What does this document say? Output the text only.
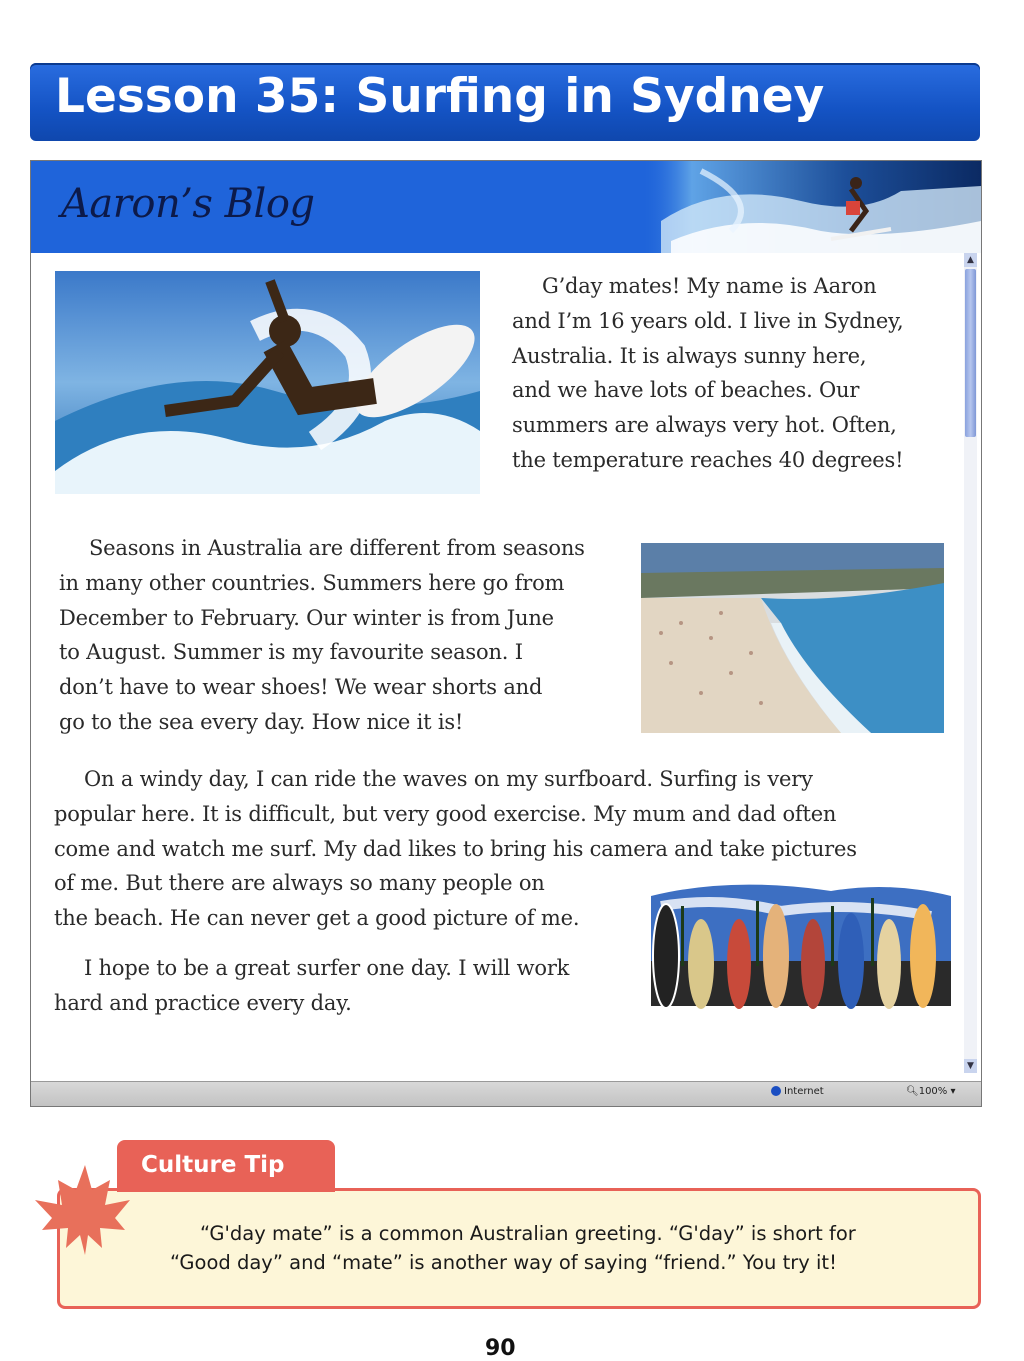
Lesson 35: Surfing in Sydney
Aaron’s Blog
▲
▼
G’day mates! My name is Aaron
and I’m 16 years old. I live in Sydney,
Australia. It is always sunny here,
and we have lots of beaches. Our
summers are always very hot. Often,
the temperature reaches 40 degrees!
Seasons in Australia are different from seasons
in many other countries. Summers here go from
December to February. Our winter is from June
to August. Summer is my favourite season. I
don’t have to wear shoes! We wear shorts and
go to the sea every day. How nice it is!
On a windy day, I can ride the waves on my surfboard. Surfing is very
popular here. It is difficult, but very good exercise. My mum and dad often
come and watch me surf. My dad likes to bring his camera and take pictures
of me. But there are always so many people on
the beach. He can never get a good picture of me.
I hope to be a great surfer one day. I will work
hard and practice every day.
Internet	🔍︎100% ▾
Culture Tip
“G'day mate” is a common Australian greeting. “G'day” is short for
“Good day” and “mate” is another way of saying “friend.” You try it!
90
